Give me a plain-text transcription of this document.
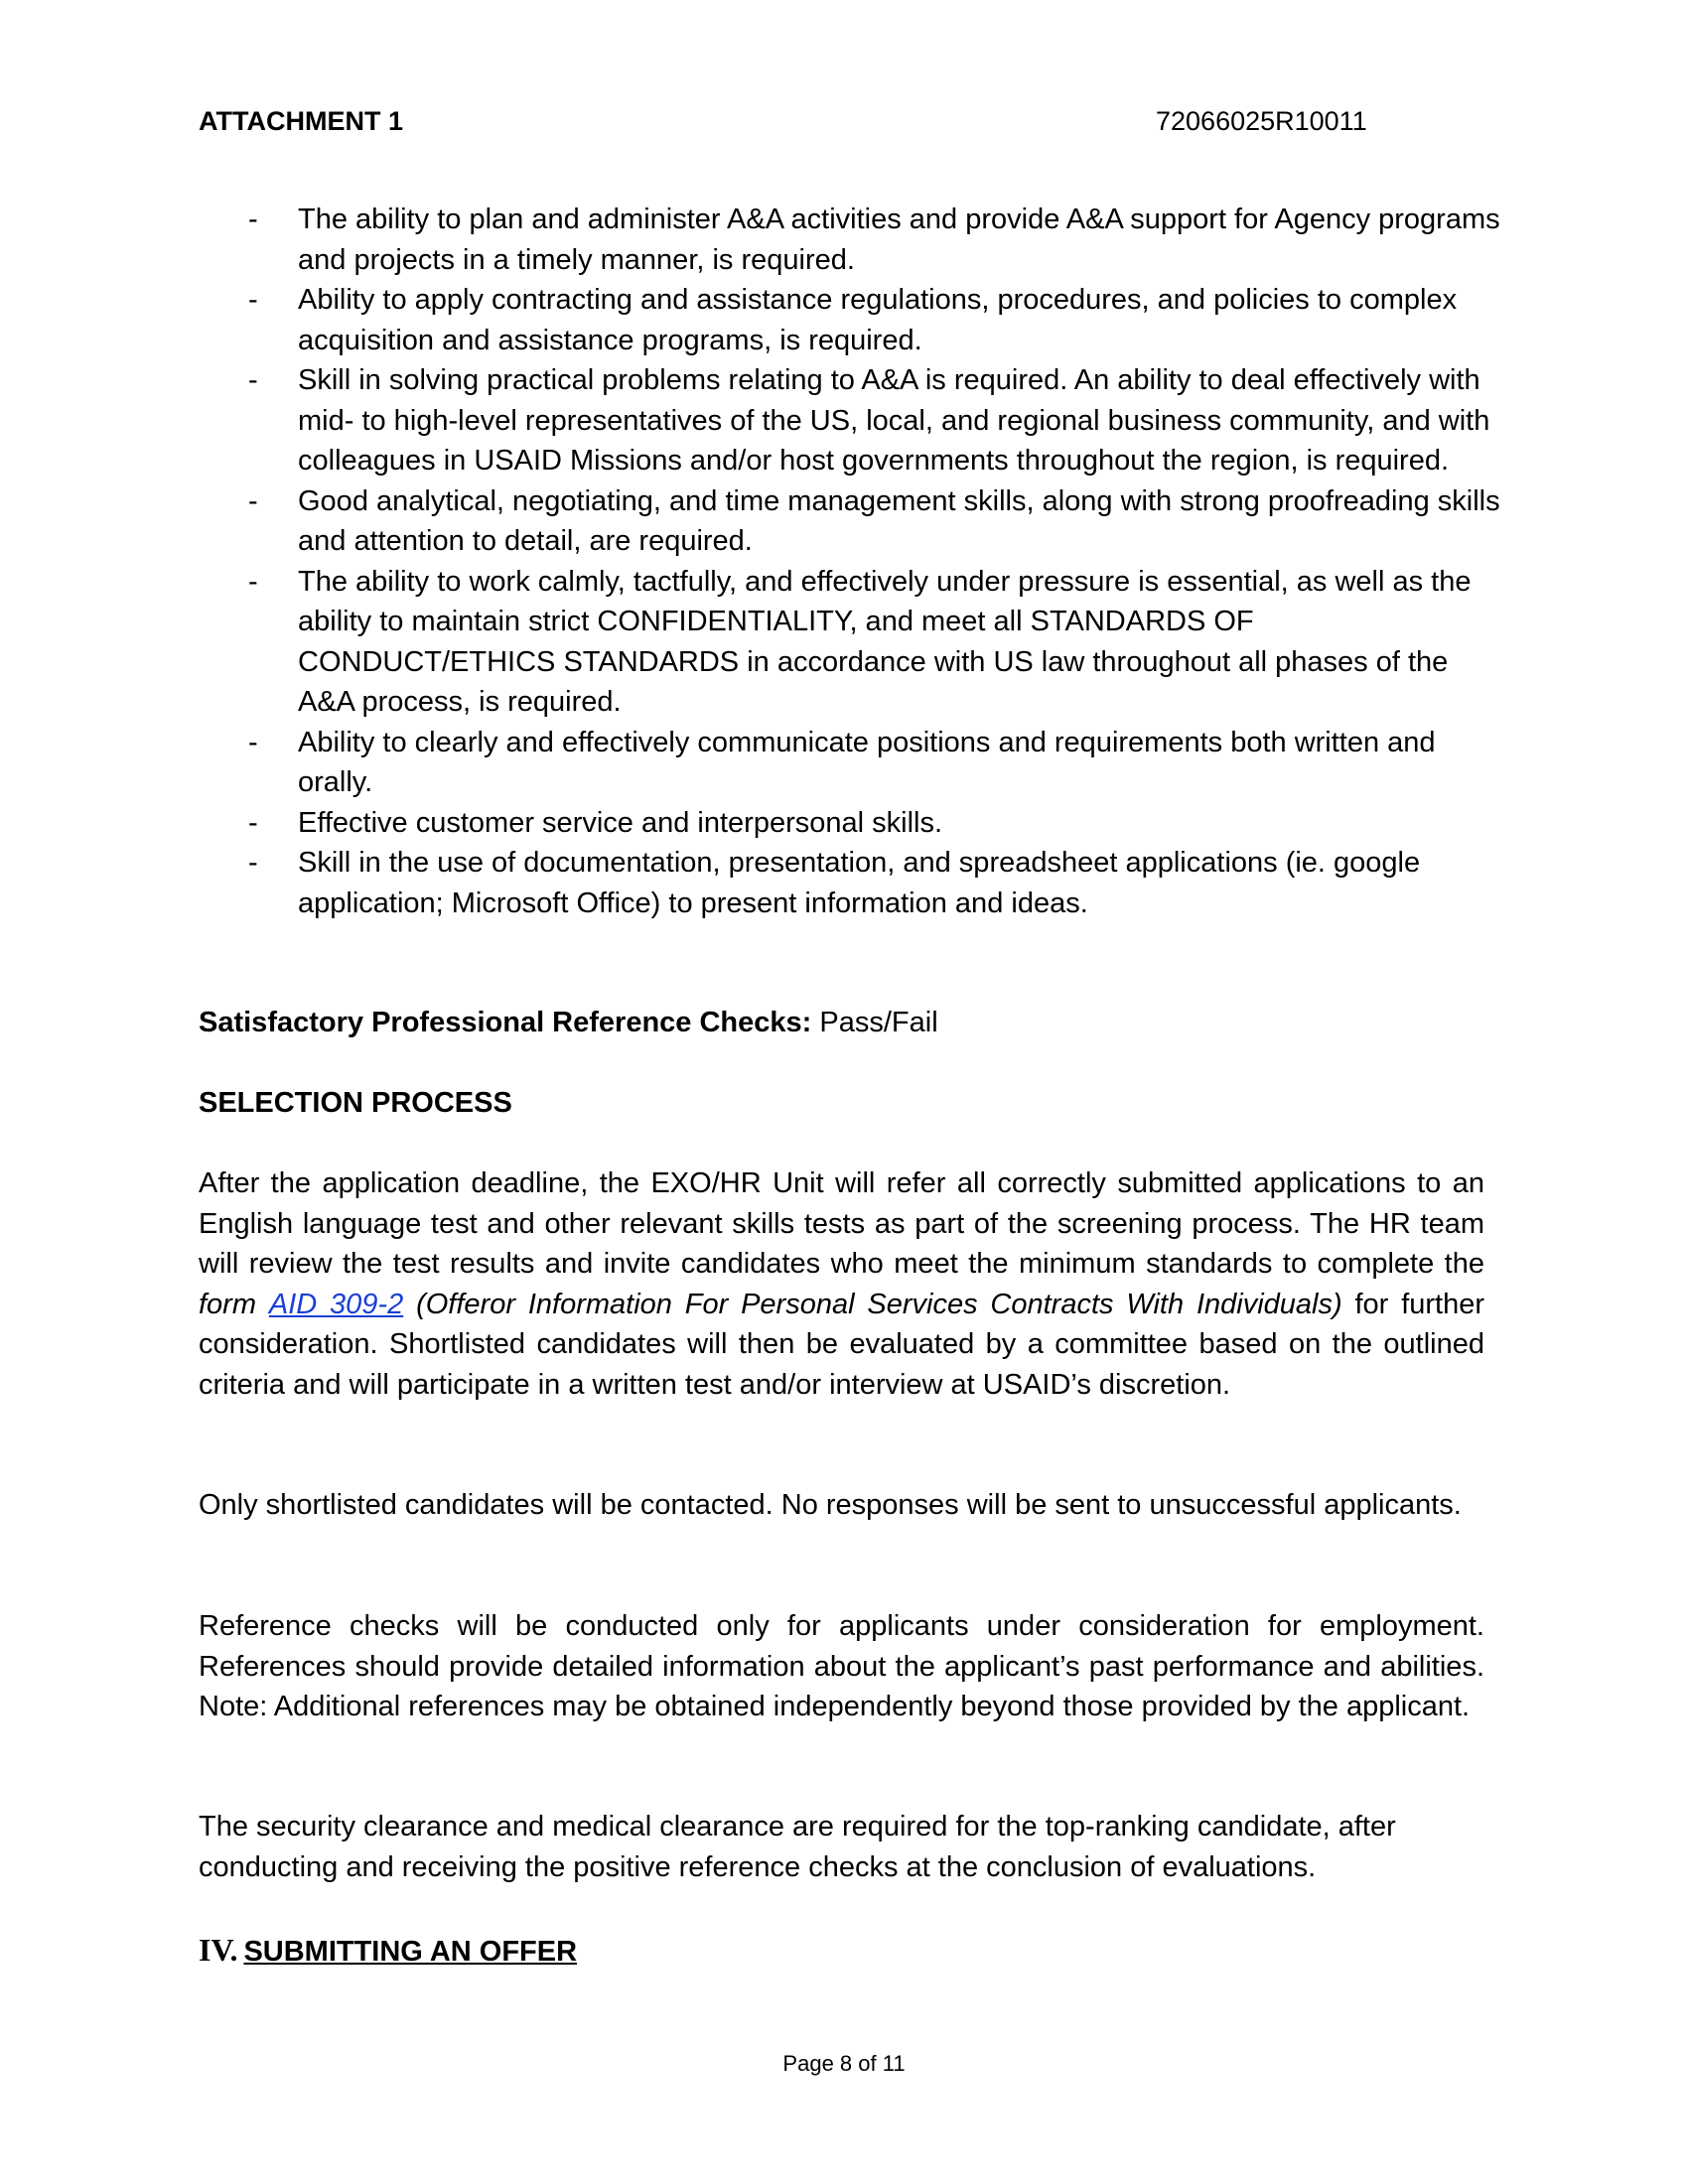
ATTACHMENT 1	72066025R10011
- The ability to plan and administer A&A activities and provide A&A support for Agency programs and projects in a timely manner, is required.
- Ability to apply contracting and assistance regulations, procedures, and policies to complex acquisition and assistance programs, is required.
- Skill in solving practical problems relating to A&A is required. An ability to deal effectively with mid- to high-level representatives of the US, local, and regional business community, and with colleagues in USAID Missions and/or host governments throughout the region, is required.
- Good analytical, negotiating, and time management skills, along with strong proofreading skills and attention to detail, are required.
- The ability to work calmly, tactfully, and effectively under pressure is essential, as well as the ability to maintain strict CONFIDENTIALITY, and meet all STANDARDS OF CONDUCT/ETHICS STANDARDS in accordance with US law throughout all phases of the A&A process, is required.
- Ability to clearly and effectively communicate positions and requirements both written and orally.
- Effective customer service and interpersonal skills.
- Skill in the use of documentation, presentation, and spreadsheet applications (ie. google application; Microsoft Office) to present information and ideas.

Satisfactory Professional Reference Checks: Pass/Fail

SELECTION PROCESS

After the application deadline, the EXO/HR Unit will refer all correctly submitted applications to an English language test and other relevant skills tests as part of the screening process. The HR team will review the test results and invite candidates who meet the minimum standards to complete the form AID 309-2 (Offeror Information For Personal Services Contracts With Individuals) for further consideration. Shortlisted candidates will then be evaluated by a committee based on the outlined criteria and will participate in a written test and/or interview at USAID’s discretion.

Only shortlisted candidates will be contacted. No responses will be sent to unsuccessful applicants.

Reference checks will be conducted only for applicants under consideration for employment. References should provide detailed information about the applicant’s past performance and abilities. Note: Additional references may be obtained independently beyond those provided by the applicant.

The security clearance and medical clearance are required for the top-ranking candidate, after conducting and receiving the positive reference checks at the conclusion of evaluations.

IV. SUBMITTING AN OFFER
Page 8 of 11
